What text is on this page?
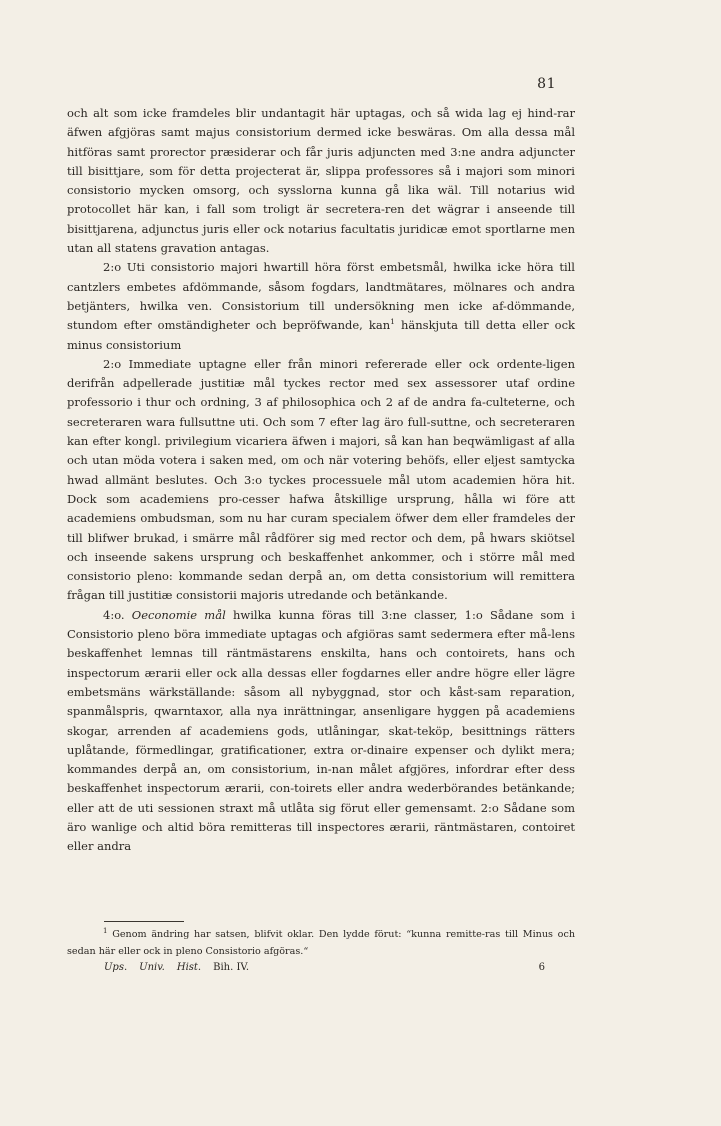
81

och alt som icke framdeles blir undantagit här uptagas, och så wida lag ej hind-rar äfwen afgjöras samt majus consistorium dermed icke beswäras. Om alla dessa mål hitföras samt prorector præsiderar och får juris adjuncten med 3:ne andra adjuncter till bisittjare, som för detta projecterat är, slippa professores så i majori som minori consistorio mycken omsorg, och sysslorna kunna gå lika wäl. Till notarius wid protocollet här kan, i fall som troligt är secretera-ren det wägrar i anseende till bisittjarena, adjunctus juris eller ock notarius facultatis juridicæ emot sportlarne men utan all statens gravation antagas.

2:o Uti consistorio majori hwartill höra först embetsmål, hwilka icke höra till cantzlers embetes afdömmande, såsom fogdars, landtmätares, mölnares och andra betjänters, hwilka ven. Consistorium till undersökning men icke af-dömmande, stundom efter omständigheter och bepröfwande, kan$^1$ hänskjuta till detta eller ock minus consistorium

2:o Immediate uptagne eller från minori refererade eller ock ordente-ligen derifrån adpellerade justitiæ mål tyckes rector med sex assessorer utaf ordine professorio i thur och ordning, 3 af philosophica och 2 af de andra fa-culteterne, och secreteraren wara fullsuttne uti. Och som 7 efter lag äro full-suttne, och secreteraren kan efter kongl. privilegium vicariera äfwen i majori, så kan han beqwämligast af alla och utan möda votera i saken med, om och när votering behöfs, eller eljest samtycka hwad allmänt beslutes. Och 3:o tyckes processuele mål utom academien höra hit. Dock som academiens pro-cesser hafwa åtskillige ursprung, hålla wi före att academiens ombudsman, som nu har curam specialem öfwer dem eller framdeles der till blifwer brukad, i smärre mål rådförer sig med rector och dem, på hwars skiötsel och inseende sakens ursprung och beskaffenhet ankommer, och i större mål med consistorio pleno: kommande sedan derpå an, om detta consistorium will remittera frågan till justitiæ consistorii majoris utredande och betänkande.

4:o. Oeconomie mål hwilka kunna föras till 3:ne classer, 1:o Sådane som i Consistorio pleno böra immediate uptagas och afgiöras samt sedermera efter må-lens beskaffenhet lemnas till räntmästarens enskilta, hans och contoirets, hans och inspectorum ærarii eller ock alla dessas eller fogdarnes eller andre högre eller lägre embetsmäns wärkställande: såsom all nybyggnad, stor och kåst-sam reparation, spanmålspris, qwarntaxor, alla nya inrättningar, ansenligare hyggen på academiens skogar, arrenden af academiens gods, utlåningar, skat-teköp, besittnings rätters uplåtande, förmedlingar, gratificationer, extra or-dinaire expenser och dylikt mera; kommandes derpå an, om consistorium, in-nan målet afgjöres, infordrar efter dess beskaffenhet inspectorum ærarii, con-toirets eller andra wederbörandes betänkande; eller att de uti sessionen straxt må utlåta sig förut eller gemensamt. 2:o Sådane som äro wanlige och altid böra remitteras till inspectores ærarii, räntmästaren, contoiret eller andra

$^1$ Genom ändring har satsen, blifvit oklar. Den lydde förut: “kunna remitte-ras till Minus och sedan här eller ock in pleno Consistorio afgöras.“

Ups. Univ. Hist. Bih. IV.	6
